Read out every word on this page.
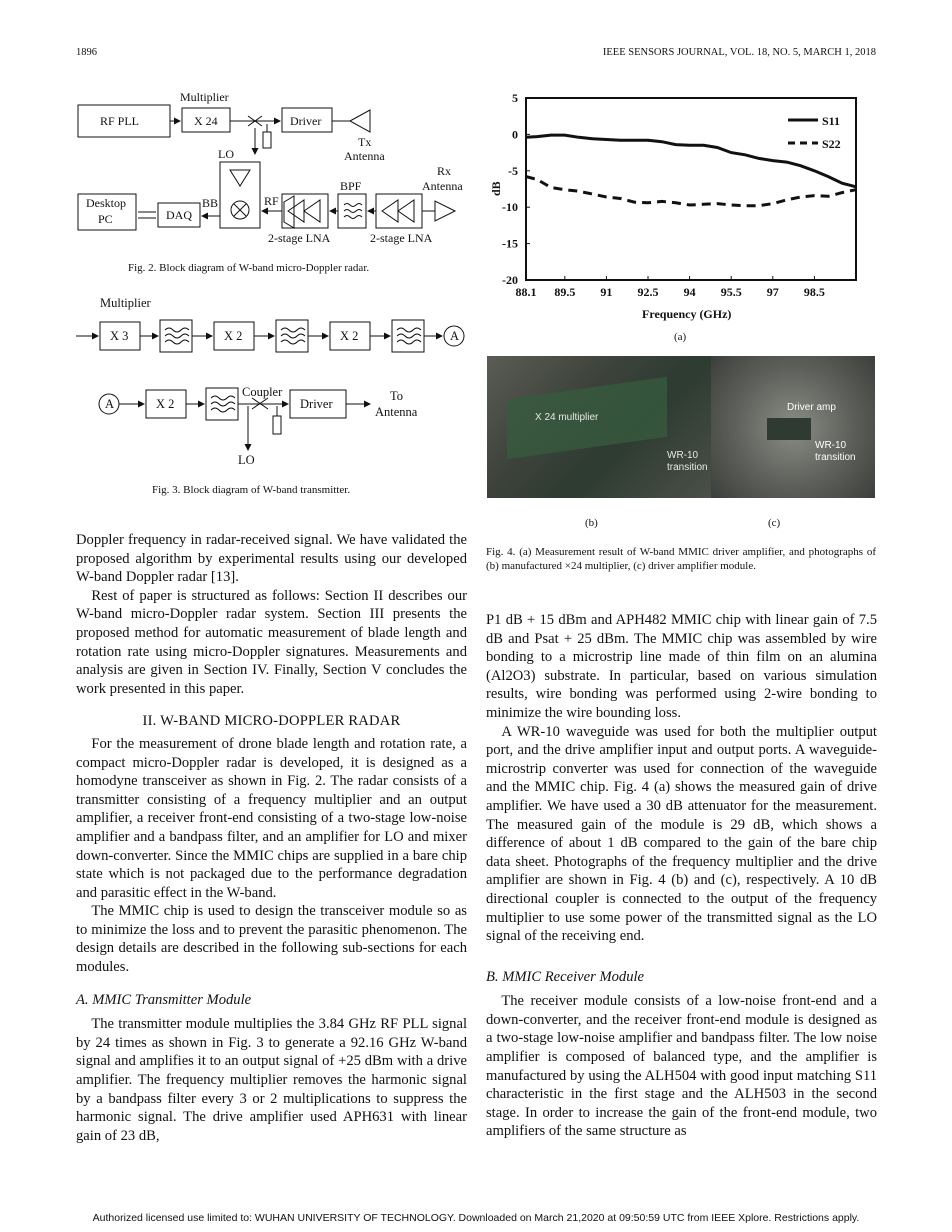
1896	IEEE SENSORS JOURNAL, VOL. 18, NO. 5, MARCH 1, 2018
Multiplier
RF PLL	X 24	Driver
Tx
Antenna
LO
Rx
Antenna
BPF
Desktop
PC	DAQ
BB	RF
2-stage LNA	2-stage LNA
Fig. 2. Block diagram of W-band micro-Doppler radar.
Multiplier
X 3	X 2	X 2	A
A	X 2
Coupler
Driver
To
Antenna
LO
Fig. 3. Block diagram of W-band transmitter.
5
0
-5
-10
-15
-20
88.1 89.5 91 92.5 94 95.5 97 98.5
S11
S22
dB
Frequency (GHz)
(a)
X 24 multiplier
WR-10
transition
Driver amp
WR-10
transition
(b)	(c)
Fig. 4. (a) Measurement result of W-band MMIC driver amplifier, and photographs of (b) manufactured ×24 multiplier, (c) driver amplifier module.

Doppler frequency in radar-received signal. We have validated the proposed algorithm by experimental results using our developed W-band Doppler radar [13].

Rest of paper is structured as follows: Section II describes our W-band micro-Doppler radar system. Section III presents the proposed method for automatic measurement of blade length and rotation rate using micro-Doppler signatures. Measurements and analysis are given in Section IV. Finally, Section V concludes the work presented in this paper.

II. W-BAND MICRO-DOPPLER RADAR

For the measurement of drone blade length and rotation rate, a compact micro-Doppler radar is developed, it is designed as a homodyne transceiver as shown in Fig. 2. The radar consists of a transmitter consisting of a frequency multiplier and an output amplifier, a receiver front-end consisting of a two-stage low-noise amplifier and a bandpass filter, and an amplifier for LO and mixer down-converter. Since the MMIC chips are supplied in a bare chip state which is not packaged due to the performance degradation and parasitic effect in the W-band.

The MMIC chip is used to design the transceiver module so as to minimize the loss and to prevent the parasitic phenomenon. The design details are described in the following sub-sections for each modules.

A. MMIC Transmitter Module

The transmitter module multiplies the 3.84 GHz RF PLL signal by 24 times as shown in Fig. 3 to generate a 92.16 GHz W-band signal and amplifies it to an output signal of +25 dBm with a drive amplifier. The frequency multiplier removes the harmonic signal by a bandpass filter every 3 or 2 multiplications to suppress the harmonic signal. The drive amplifier used APH631 with linear gain of 23 dB,

P1 dB + 15 dBm and APH482 MMIC chip with linear gain of 7.5 dB and Psat + 25 dBm. The MMIC chip was assembled by wire bonding to a microstrip line made of thin film on an alumina (Al2O3) substrate. In particular, based on various simulation results, wire bonding was performed using 2-wire bonding to minimize the wire bounding loss.

A WR-10 waveguide was used for both the multiplier output port, and the drive amplifier input and output ports. A waveguide-microstrip converter was used for connection of the waveguide and the MMIC chip. Fig. 4 (a) shows the measured gain of drive amplifier. We have used a 30 dB attenuator for the measurement. The measured gain of the module is 29 dB, which shows a difference of about 1 dB compared to the gain of the bare chip data sheet. Photographs of the frequency multiplier and the drive amplifier are shown in Fig. 4 (b) and (c), respectively. A 10 dB directional coupler is connected to the output of the frequency multiplier to use some power of the transmitted signal as the LO signal of the receiving end.

B. MMIC Receiver Module

The receiver module consists of a low-noise front-end and a down-converter, and the receiver front-end module is designed as a two-stage low-noise amplifier and bandpass filter. The low noise amplifier is composed of balanced type, and the amplifier is manufactured by using the ALH504 with good input matching S11 characteristic in the first stage and the ALH503 in the second stage. In order to increase the gain of the front-end module, two amplifiers of the same structure as

Authorized licensed use limited to: WUHAN UNIVERSITY OF TECHNOLOGY. Downloaded on March 21,2020 at 09:50:59 UTC from IEEE Xplore. Restrictions apply.
